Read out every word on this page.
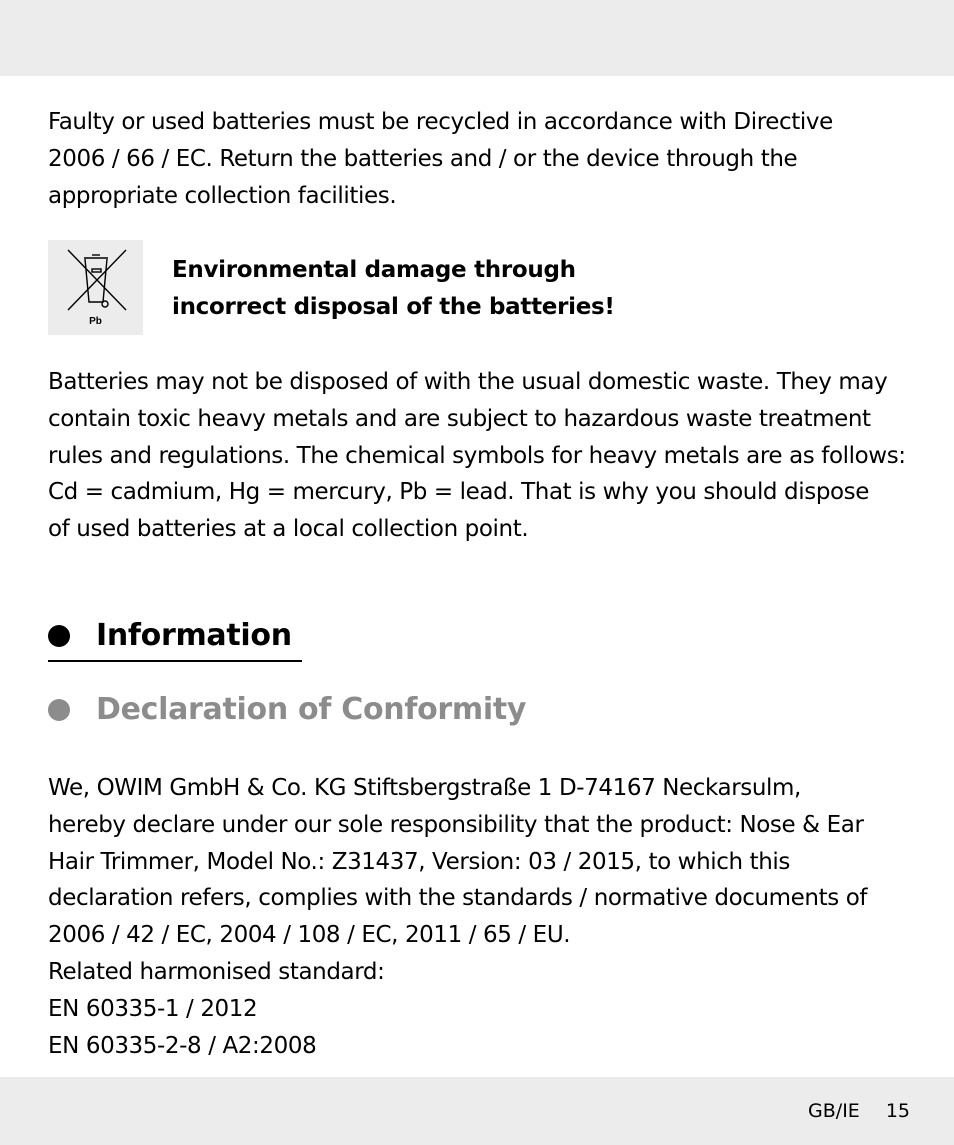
Faulty or used batteries must be recycled in accordance with Directive
2006 / 66 / EC. Return the batteries and / or the device through the
appropriate collection facilities.

Pb

Environmental damage through
incorrect disposal of the batteries!

Batteries may not be disposed of with the usual domestic waste. They may
contain toxic heavy metals and are subject to hazardous waste treatment
rules and regulations. The chemical symbols for heavy metals are as follows:
Cd = cadmium, Hg = mercury, Pb = lead. That is why you should dispose
of used batteries at a local collection point.

Information
Declaration of Conformity

We, OWIM GmbH & Co. KG Stiftsbergstraße 1 D-74167 Neckarsulm,
hereby declare under our sole responsibility that the product: Nose & Ear
Hair Trimmer, Model No.: Z31437, Version: 03 / 2015, to which this
declaration refers, complies with the standards / normative documents of
2006 / 42 / EC, 2004 / 108 / EC, 2011 / 65 / EU.
Related harmonised standard:
EN 60335-1 / 2012
EN 60335-2-8 / A2:2008

GB/IE 15
